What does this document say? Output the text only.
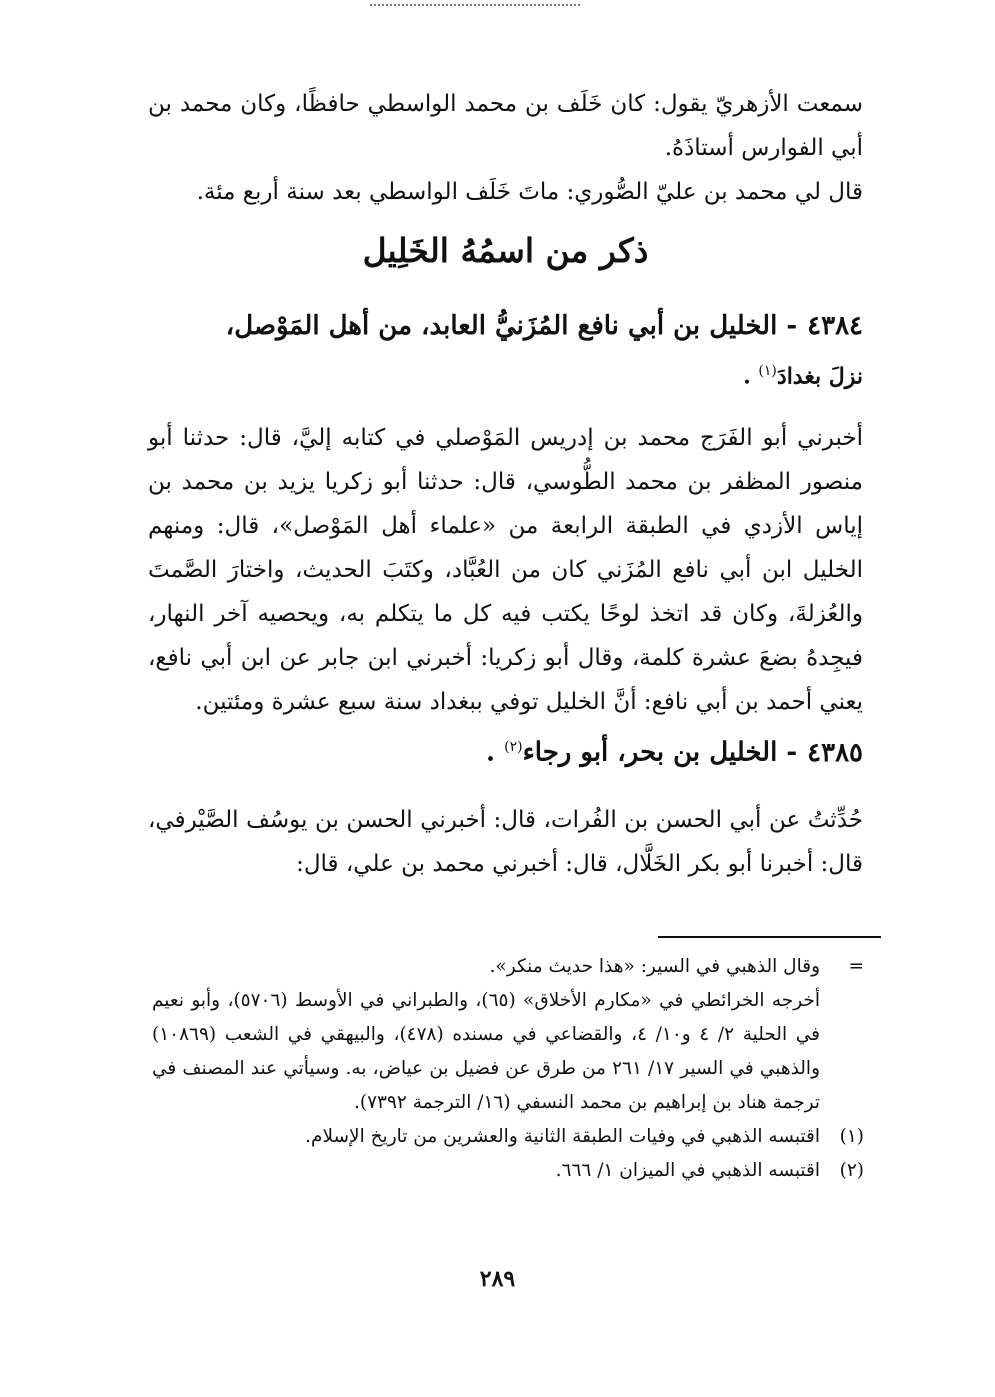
سمعت الأزهريّ يقول: كان خَلَف بن محمد الواسطي حافظًا، وكان محمد بن أبي الفوارس أستاذَهُ.

قال لي محمد بن عليّ الصُّوري: ماتَ خَلَف الواسطي بعد سنة أربع مئة.

ذكر من اسمُهُ الخَلِيل

٤٣٨٤- الخليل بن أبي نافع المُزَنيُّ العابد، من أهل المَوْصل،

نزلَ بغدادَ$^{(١)}$ .

أخبرني أبو الفَرَج محمد بن إدريس المَوْصلي في كتابه إليَّ، قال: حدثنا أبو منصور المظفر بن محمد الطُّوسي، قال: حدثنا أبو زكريا يزيد بن محمد بن إياس الأزدي في الطبقة الرابعة من «علماء أهل المَوْصل»، قال: ومنهم الخليل ابن أبي نافع المُزَني كان من العُبَّاد، وكتَبَ الحديث، واختارَ الصَّمتَ والعُزلةَ، وكان قد اتخذ لوحًا يكتب فيه كل ما يتكلم به، ويحصيه آخر النهار، فيجِدهُ بضعَ عشرة كلمة، وقال أبو زكريا: أخبرني ابن جابر عن ابن أبي نافع، يعني أحمد بن أبي نافع: أنَّ الخليل توفي ببغداد سنة سبع عشرة ومئتين.

٤٣٨٥- الخليل بن بحر، أبو رجاء$^{(٢)}$ .

حُدِّثتُ عن أبي الحسن بن الفُرات، قال: أخبرني الحسن بن يوسُف الصَّيْرفي، قال: أخبرنا أبو بكر الخَلَّال، قال: أخبرني محمد بن علي، قال:

=
وقال الذهبي في السير: «هذا حديث منكر».

أخرجه الخرائطي في «مكارم الأخلاق» (٦٥)، والطبراني في الأوسط (٥٧٠٦)، وأبو نعيم في الحلية ٢/ ٤ و١٠/ ٤، والقضاعي في مسنده (٤٧٨)، والبيهقي في الشعب (١٠٨٦٩) والذهبي في السير ١٧/ ٢٦١ من طرق عن فضيل بن عياض، به. وسيأتي عند المصنف في ترجمة هناد بن إبراهيم بن محمد النسفي (١٦/ الترجمة ٧٣٩٢).

(١)
اقتبسه الذهبي في وفيات الطبقة الثانية والعشرين من تاريخ الإسلام.

(٢)
اقتبسه الذهبي في الميزان ١/ ٦٦٦.

٢٨٩
